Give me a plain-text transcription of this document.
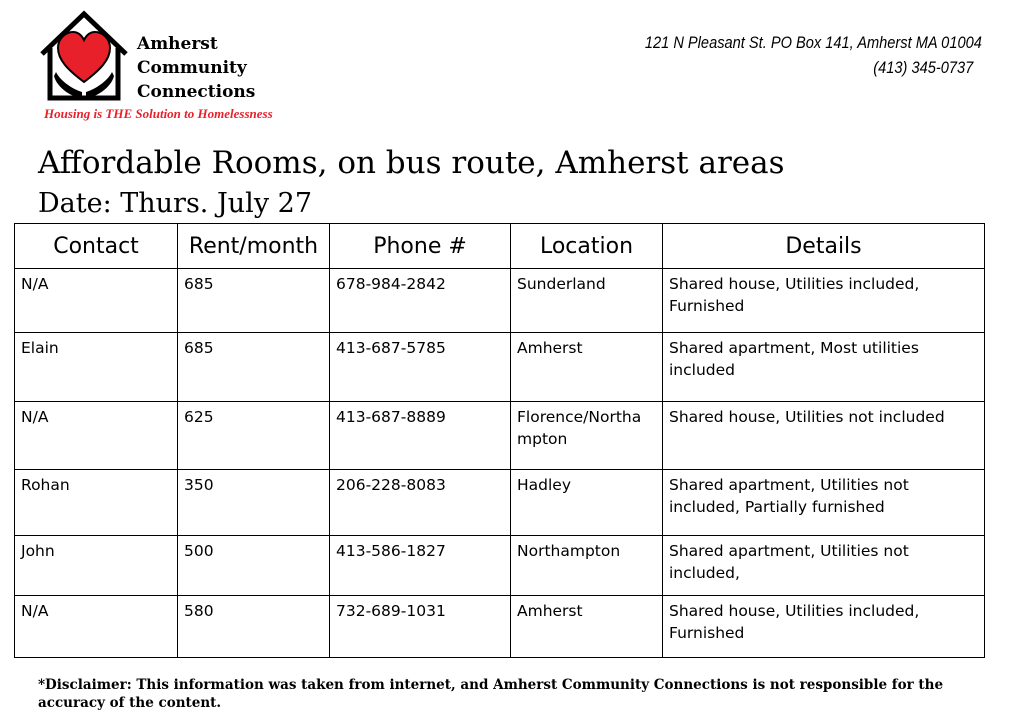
Amherst
Community
Connections
Housing is THE Solution to Homelessness
121 N Pleasant St. PO Box 141, Amherst MA 01004
(413) 345-0737
Affordable Rooms, on bus route, Amherst areas
Date: Thurs. July 27
Contact	Rent/month	Phone #	Location	Details
N/A	685	678-984-2842	Sunderland	Shared house, Utilities included, Furnished
Elain	685	413-687-5785	Amherst	Shared apartment, Most utilities included
N/A	625	413-687-8889	Florence/Northampton	Shared house, Utilities not included
Rohan	350	206-228-8083	Hadley	Shared apartment, Utilities not included, Partially furnished
John	500	413-586-1827	Northampton	Shared apartment, Utilities not included,
N/A	580	732-689-1031	Amherst	Shared house, Utilities included, Furnished
*Disclaimer: This information was taken from internet, and Amherst Community Connections is not responsible for the accuracy of the content.
